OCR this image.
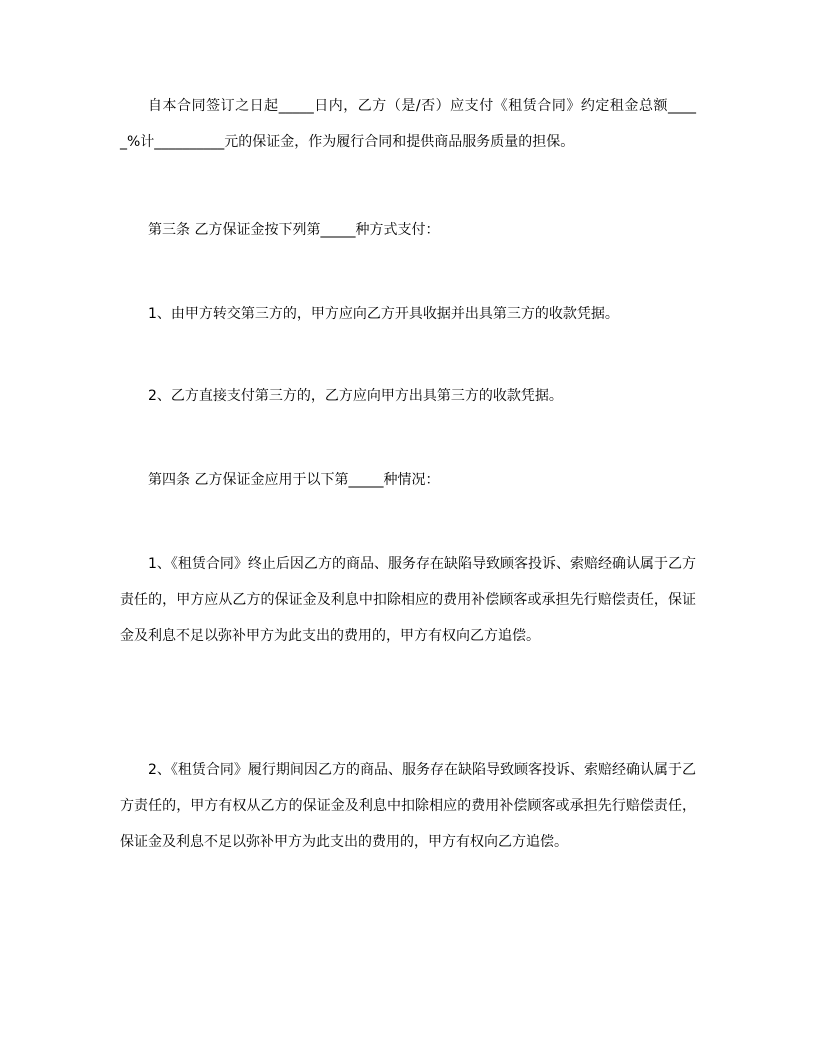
自本合同签订之日起_____日内，乙方（是/否）应支付《租赁合同》约定租金总额_____%计__________元的保证金，作为履行合同和提供商品服务质量的担保。

第三条 乙方保证金按下列第_____种方式支付：

1、由甲方转交第三方的，甲方应向乙方开具收据并出具第三方的收款凭据。

2、乙方直接支付第三方的，乙方应向甲方出具第三方的收款凭据。

第四条 乙方保证金应用于以下第_____种情况：

1、《租赁合同》终止后因乙方的商品、服务存在缺陷导致顾客投诉、索赔经确认属于乙方责任的，甲方应从乙方的保证金及利息中扣除相应的费用补偿顾客或承担先行赔偿责任，保证金及利息不足以弥补甲方为此支出的费用的，甲方有权向乙方追偿。

2、《租赁合同》履行期间因乙方的商品、服务存在缺陷导致顾客投诉、索赔经确认属于乙方责任的，甲方有权从乙方的保证金及利息中扣除相应的费用补偿顾客或承担先行赔偿责任，保证金及利息不足以弥补甲方为此支出的费用的，甲方有权向乙方追偿。
